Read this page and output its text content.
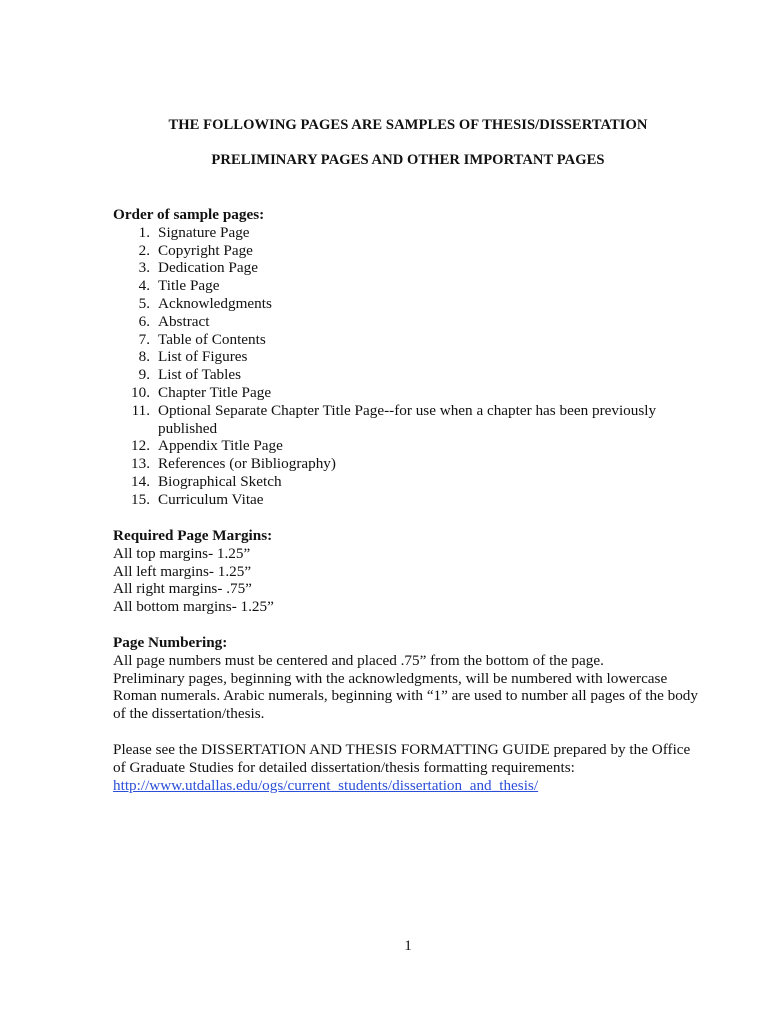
THE FOLLOWING PAGES ARE SAMPLES OF THESIS/DISSERTATION
PRELIMINARY PAGES AND OTHER IMPORTANT PAGES
Order of sample pages:
1. Signature Page
2. Copyright Page
3. Dedication Page
4. Title Page
5. Acknowledgments
6. Abstract
7. Table of Contents
8. List of Figures
9. List of Tables
10. Chapter Title Page
11. Optional Separate Chapter Title Page--for use when a chapter has been previously published
12. Appendix Title Page
13. References (or Bibliography)
14. Biographical Sketch
15. Curriculum Vitae
Required Page Margins:
All top margins- 1.25”
All left margins- 1.25”
All right margins- .75”
All bottom margins- 1.25”
Page Numbering:
All page numbers must be centered and placed .75” from the bottom of the page.
Preliminary pages, beginning with the acknowledgments, will be numbered with lowercase Roman numerals. Arabic numerals, beginning with “1” are used to number all pages of the body of the dissertation/thesis.
Please see the DISSERTATION AND THESIS FORMATTING GUIDE prepared by the Office of Graduate Studies for detailed dissertation/thesis formatting requirements: http://www.utdallas.edu/ogs/current_students/dissertation_and_thesis/
1
